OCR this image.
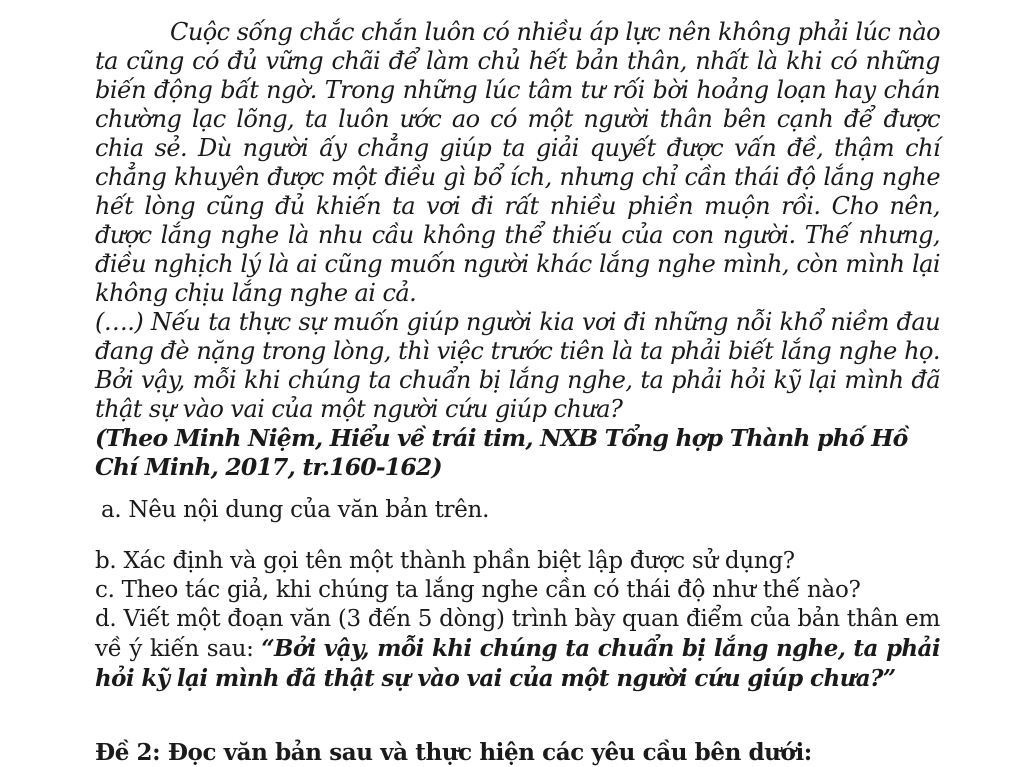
Cuộc sống chắc chắn luôn có nhiều áp lực nên không phải lúc nào ta cũng có đủ vững chãi để làm chủ hết bản thân, nhất là khi có những biến động bất ngờ. Trong những lúc tâm tư rối bời hoảng loạn hay chán chường lạc lõng, ta luôn ước ao có một người thân bên cạnh để được chia sẻ. Dù người ấy chẳng giúp ta giải quyết được vấn đề, thậm chí chẳng khuyên được một điều gì bổ ích, nhưng chỉ cần thái độ lắng nghe hết lòng cũng đủ khiến ta vơi đi rất nhiều phiền muộn rồi. Cho nên, được lắng nghe là nhu cầu không thể thiếu của con người. Thế nhưng, điều nghịch lý là ai cũng muốn người khác lắng nghe mình, còn mình lại không chịu lắng nghe ai cả.

(….) Nếu ta thực sự muốn giúp người kia vơi đi những nỗi khổ niềm đau đang đè nặng trong lòng, thì việc trước tiên là ta phải biết lắng nghe họ. Bởi vậy, mỗi khi chúng ta chuẩn bị lắng nghe, ta phải hỏi kỹ lại mình đã thật sự vào vai của một người cứu giúp chưa?

(Theo Minh Niệm, Hiểu về trái tim, NXB Tổng hợp Thành phố Hồ Chí Minh, 2017, tr.160-162)

a. Nêu nội dung của văn bản trên.

b. Xác định và gọi tên một thành phần biệt lập được sử dụng?

c. Theo tác giả, khi chúng ta lắng nghe cần có thái độ như thế nào?

d. Viết một đoạn văn (3 đến 5 dòng) trình bày quan điểm của bản thân em về ý kiến sau: “Bởi vậy, mỗi khi chúng ta chuẩn bị lắng nghe, ta phải hỏi kỹ lại mình đã thật sự vào vai của một người cứu giúp chưa?”

Đề 2: Đọc văn bản sau và thực hiện các yêu cầu bên dưới:
